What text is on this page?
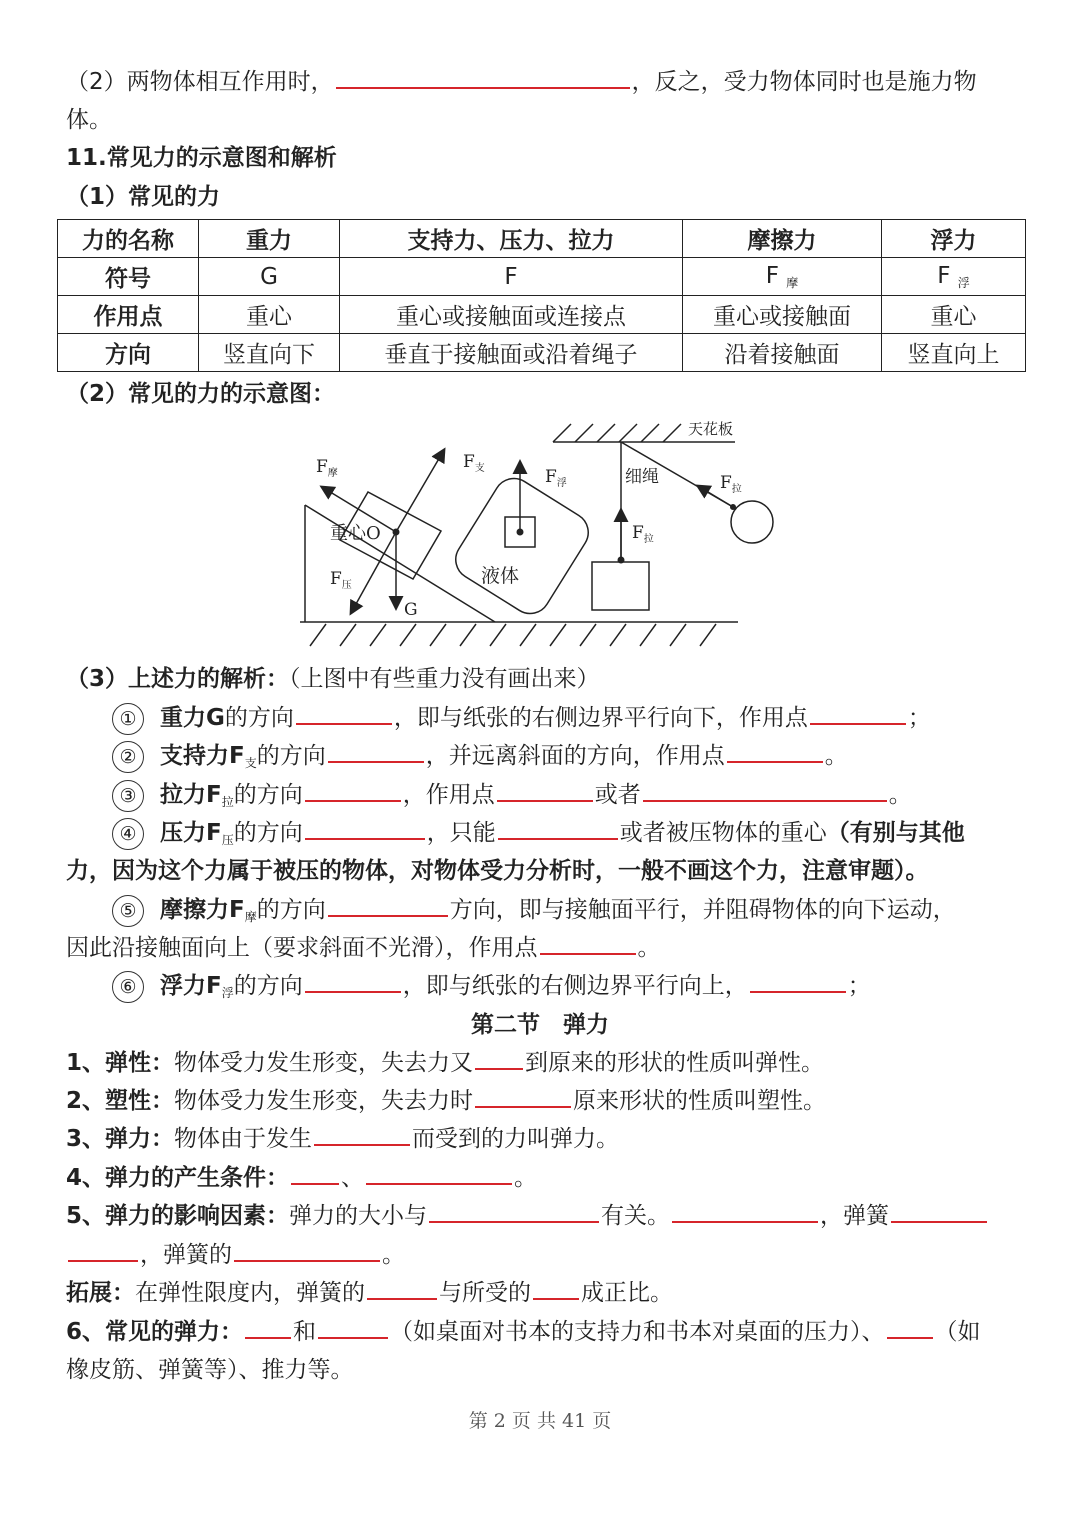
（2）两物体相互作用时，	，反之，受力物体同时也是施力物
体。
11.常见力的示意图和解析
（1）常见的力
力的名称	重力	支持力、压力、拉力	摩擦力	浮力
符号	G	F	F $_摩$	F $_浮$
作用点	重心	重心或接触面或连接点	重心或接触面	重心
方向	竖直向下	垂直于接触面或沿着绳子	沿着接触面	竖直向上
（2）常见的力的示意图：
$F_摩$
$F_支$	$F_浮$
重心O
$F_压$
G
液体
天花板
细绳	$F_拉$
$F_拉$
（3）上述力的解析：（上图中有些重力没有画出来）
① 重力G的方向	，即与纸张的右侧边界平行向下，作用点	；
② 支持力$F_支$的方向	，并远离斜面的方向，作用点	。
③ 拉力$F_拉$的方向	，作用点	或者	。
④ 压力$F_压$的方向	，只能	或者被压物体的重心（有别与其他
力，因为这个力属于被压的物体，对物体受力分析时，一般不画这个力，注意审题）。
⑤ 摩擦力$F_摩$的方向	方向，即与接触面平行，并阻碍物体的向下运动，
因此沿接触面向上（要求斜面不光滑），作用点	。
⑥ 浮力$F_浮$的方向	，即与纸张的右侧边界平行向上，	；
第二节　弹力
1、弹性：物体受力发生形变，失去力又 到原来的形状的性质叫弹性。
2、塑性：物体受力发生形变，失去力时	原来形状的性质叫塑性。
3、弹力：物体由于发生	而受到的力叫弹力。
4、弹力的产生条件： 、	。
5、弹力的影响因素：弹力的大小与	有关。	，弹簧
，弹簧的	。
拓展：在弹性限度内，弹簧的	与所受的 成正比。
6、常见的弹力： 和	（如桌面对书本的支持力和书本对桌面的压力）、 （如
橡皮筋、弹簧等）、推力等。
第 2 页 共 41 页
